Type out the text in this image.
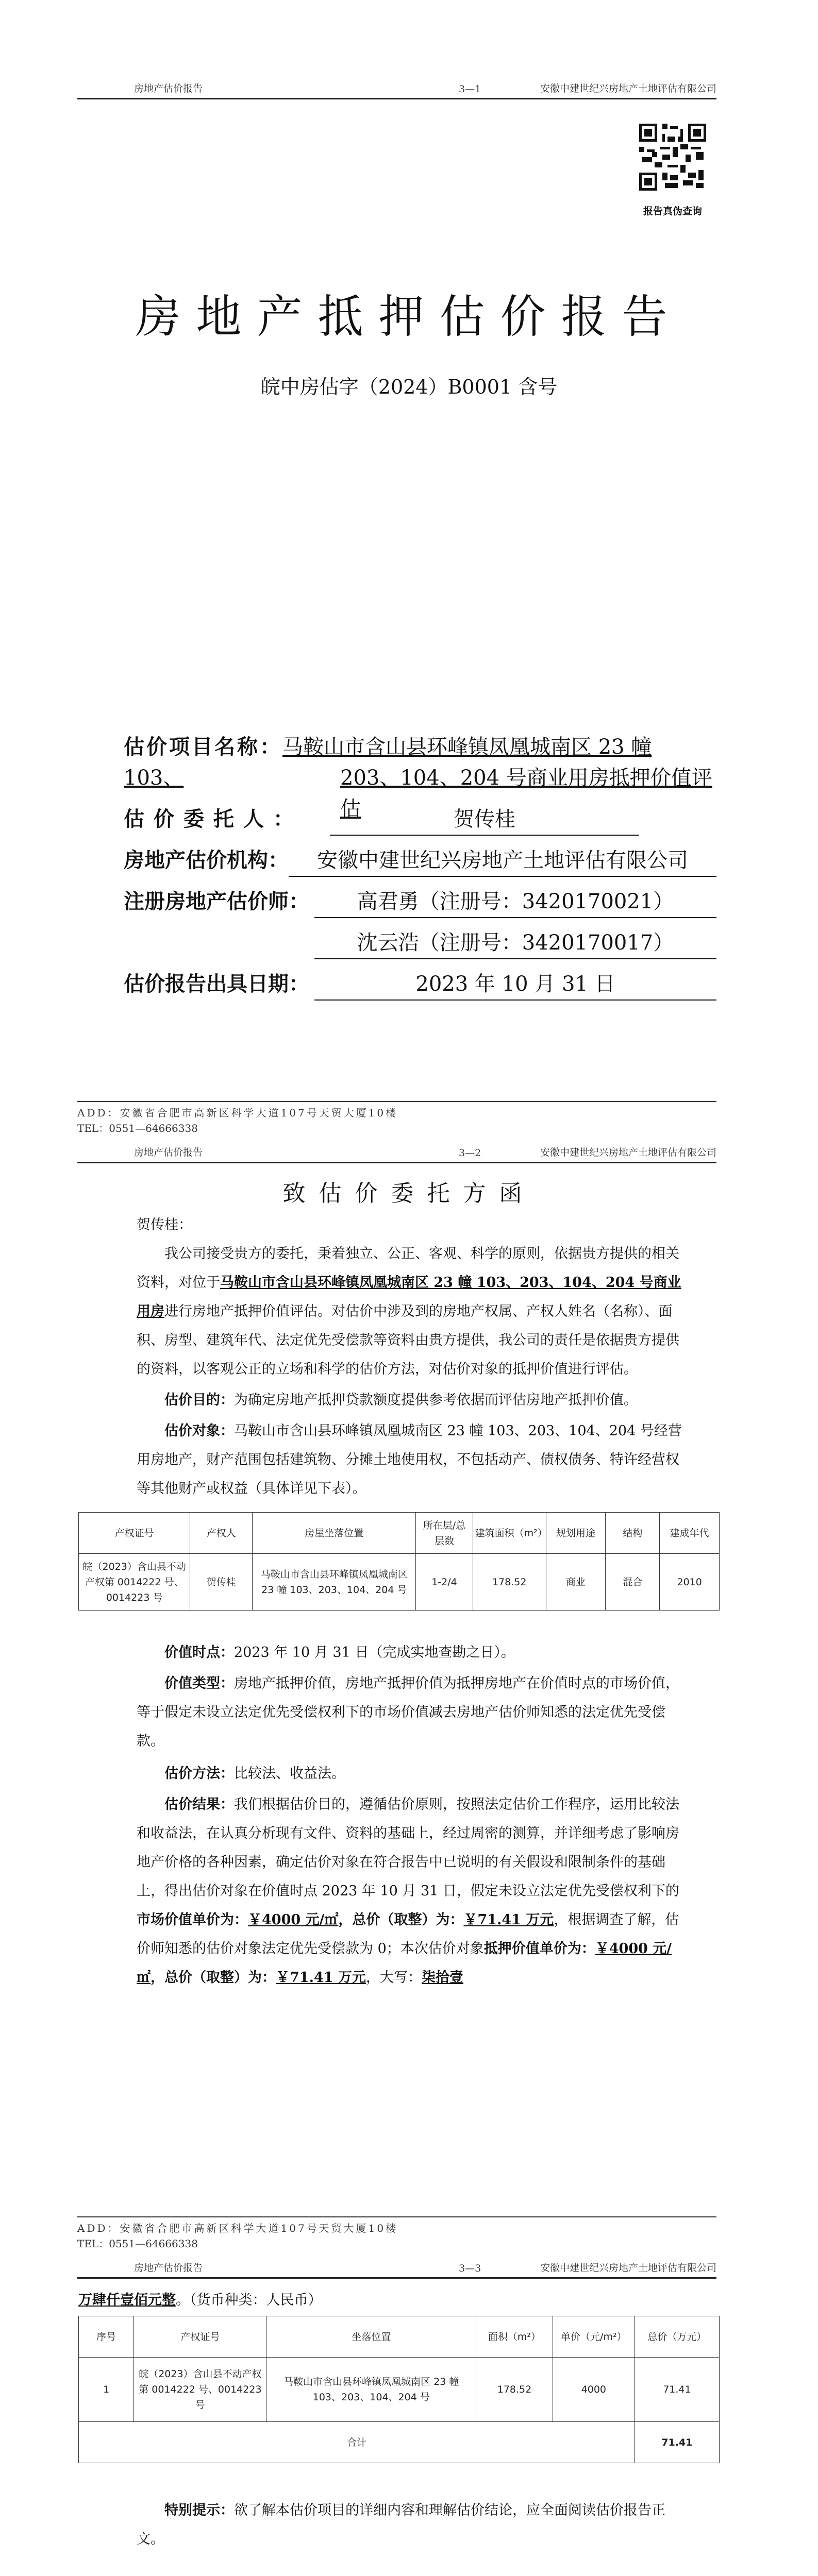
房地产估价报告	3—1	安徽中建世纪兴房地产土地评估有限公司
报告真伪查询
房地产抵押估价报告
皖中房估字（2024）B0001 含号
估价项目名称：马鞍山市含山县环峰镇凤凰城南区 23 幢 103、	203、104、204 号商业用房抵押价值评估
估价委托人：	贺传桂
房地产估价机构：	安徽中建世纪兴房地产土地评估有限公司
注册房地产估价师：	高君勇（注册号：3420170021）
沈云浩（注册号：3420170017）
估价报告出具日期：	2023 年 10 月 31 日
ADD：安徽省合肥市高新区科学大道107号天贸大厦10楼
TEL：0551—64666338
房地产估价报告	3—2	安徽中建世纪兴房地产土地评估有限公司
致估价委托方函
贺传桂：
我公司接受贵方的委托，秉着独立、公正、客观、科学的原则，依据贵方提供的相关资料，对位于马鞍山市含山县环峰镇凤凰城南区 23 幢 103、203、104、204 号商业用房进行房地产抵押价值评估。对估价中涉及到的房地产权属、产权人姓名（名称）、面积、房型、建筑年代、法定优先受偿款等资料由贵方提供，我公司的责任是依据贵方提供的资料，以客观公正的立场和科学的估价方法，对估价对象的抵押价值进行评估。
估价目的：为确定房地产抵押贷款额度提供参考依据而评估房地产抵押价值。
估价对象：马鞍山市含山县环峰镇凤凰城南区 23 幢 103、203、104、204 号经营用房地产，财产范围包括建筑物、分摊土地使用权，不包括动产、债权债务、特许经营权等其他财产或权益（具体详见下表）。
产权证号	产权人	房屋坐落位置	所在层/总层数	建筑面积（m²）	规划用途	结构	建成年代
皖（2023）含山县不动产权第 0014222 号、0014223 号	贺传桂	马鞍山市含山县环峰镇凤凰城南区 23 幢 103、203、104、204 号	1-2/4	178.52	商业	混合	2010
价值时点：2023 年 10 月 31 日（完成实地查勘之日）。
价值类型：房地产抵押价值，房地产抵押价值为抵押房地产在价值时点的市场价值，等于假定未设立法定优先受偿权利下的市场价值减去房地产估价师知悉的法定优先受偿款。
估价方法：比较法、收益法。
估价结果：我们根据估价目的，遵循估价原则，按照法定估价工作程序，运用比较法和收益法，在认真分析现有文件、资料的基础上，经过周密的测算，并详细考虑了影响房地产价格的各种因素，确定估价对象在符合报告中已说明的有关假设和限制条件的基础上，得出估价对象在价值时点 2023 年 10 月 31 日，假定未设立法定优先受偿权利下的市场价值单价为：￥4000 元/㎡，总价（取整）为：￥71.41 万元，根据调查了解，估价师知悉的估价对象法定优先受偿款为 0；本次估价对象抵押价值单价为：￥4000 元/㎡，总价（取整）为：￥71.41 万元，大写：柒拾壹
ADD：安徽省合肥市高新区科学大道107号天贸大厦10楼
TEL：0551—64666338
房地产估价报告	3—3	安徽中建世纪兴房地产土地评估有限公司
万肆仟壹佰元整。（货币种类：人民币）
序号	产权证号	坐落位置	面积（m²）	单价（元/m²）	总价（万元）
1	皖（2023）含山县不动产权第 0014222 号、0014223 号	马鞍山市含山县环峰镇凤凰城南区 23 幢 103、203、104、204 号	178.52	4000	71.41
合计					71.41
特别提示：欲了解本估价项目的详细内容和理解估价结论，应全面阅读估价报告正文。
